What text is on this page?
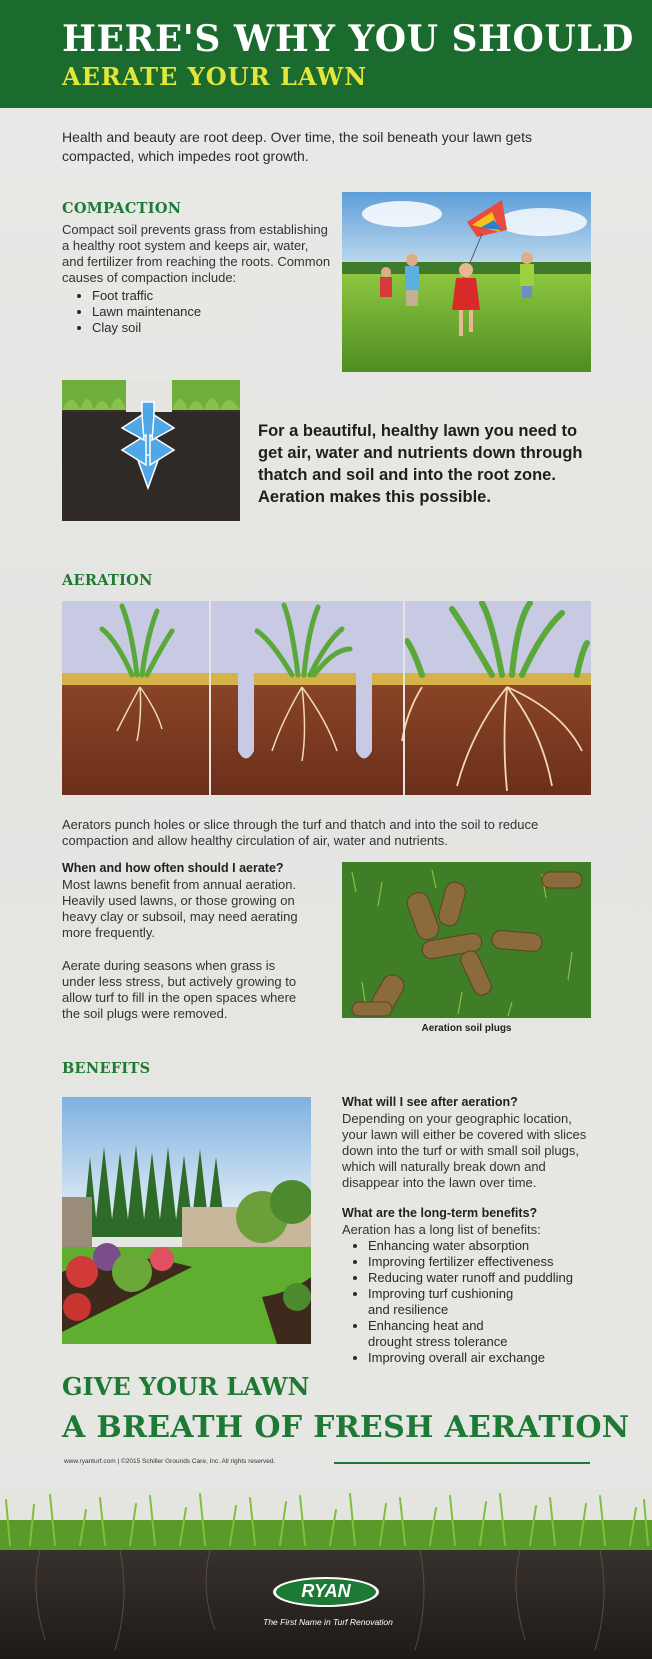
HERE'S WHY YOU SHOULD
AERATE YOUR LAWN
Health and beauty are root deep. Over time, the soil beneath your lawn gets compacted, which impedes root growth.
COMPACTION
Compact soil prevents grass from establishing a healthy root system and keeps air, water, and fertilizer from reaching the roots. Common causes of compaction include:
• Foot traffic
• Lawn maintenance
• Clay soil
For a beautiful, healthy lawn you need to get air, water and nutrients down through thatch and soil and into the root zone. Aeration makes this possible.
AERATION
Aerators punch holes or slice through the turf and thatch and into the soil to reduce compaction and allow healthy circulation of air, water and nutrients.
When and how often should I aerate?
Most lawns benefit from annual aeration. Heavily used lawns, or those growing on heavy clay or subsoil, may need aerating more frequently.
Aerate during seasons when grass is under less stress, but actively growing to allow turf to fill in the open spaces where the soil plugs were removed.
Aeration soil plugs
BENEFITS
What will I see after aeration?
Depending on your geographic location, your lawn will either be covered with slices down into the turf or with small soil plugs, which will naturally break down and disappear into the lawn over time.
What are the long-term benefits?
Aeration has a long list of benefits:
• Enhancing water absorption
• Improving fertilizer effectiveness
• Reducing water runoff and puddling
• Improving turf cushioning and resilience
• Enhancing heat and drought stress tolerance
• Improving overall air exchange
GIVE YOUR LAWN
A BREATH OF FRESH AERATION
www.ryanturf.com | ©2015 Schiller Grounds Care, Inc. All rights reserved.
RYAN
The First Name in Turf Renovation
